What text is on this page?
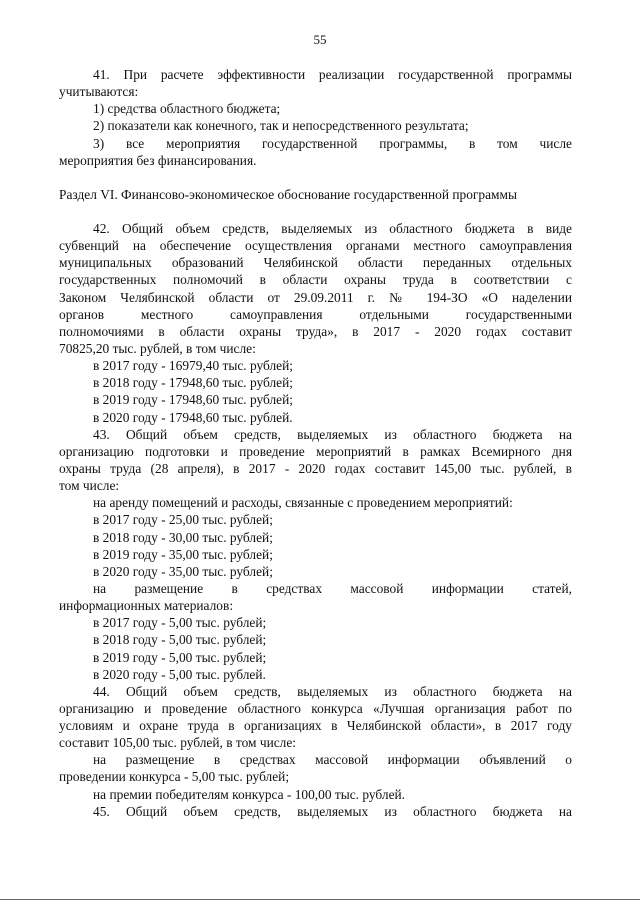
55
41. При расчете эффективности реализации государственной программы
учитываются:
1) средства областного бюджета;
2) показатели как конечного, так и непосредственного результата;
3) все мероприятия государственной программы, в том числе
мероприятия без финансирования.
Раздел VI. Финансово-экономическое обоснование государственной программы
42. Общий объем средств, выделяемых из областного бюджета в виде
субвенций на обеспечение осуществления органами местного самоуправления
муниципальных образований Челябинской области переданных отдельных
государственных полномочий в области охраны труда в соответствии с
Законом Челябинской области от 29.09.2011 г. № 194-ЗО «О наделении
органов местного самоуправления отдельными государственными
полномочиями в области охраны труда», в 2017 - 2020 годах составит
70825,20 тыс. рублей, в том числе:
в 2017 году - 16979,40 тыс. рублей;
в 2018 году - 17948,60 тыс. рублей;
в 2019 году - 17948,60 тыс. рублей;
в 2020 году - 17948,60 тыс. рублей.
43. Общий объем средств, выделяемых из областного бюджета на
организацию подготовки и проведение мероприятий в рамках Всемирного дня
охраны труда (28 апреля), в 2017 - 2020 годах составит 145,00 тыс. рублей, в
том числе:
на аренду помещений и расходы, связанные с проведением мероприятий:
в 2017 году - 25,00 тыс. рублей;
в 2018 году - 30,00 тыс. рублей;
в 2019 году - 35,00 тыс. рублей;
в 2020 году - 35,00 тыс. рублей;
на размещение в средствах массовой информации статей,
информационных материалов:
в 2017 году - 5,00 тыс. рублей;
в 2018 году - 5,00 тыс. рублей;
в 2019 году - 5,00 тыс. рублей;
в 2020 году - 5,00 тыс. рублей.
44. Общий объем средств, выделяемых из областного бюджета на
организацию и проведение областного конкурса «Лучшая организация работ по
условиям и охране труда в организациях в Челябинской области», в 2017 году
составит 105,00 тыс. рублей, в том числе:
на размещение в средствах массовой информации объявлений о
проведении конкурса - 5,00 тыс. рублей;
на премии победителям конкурса - 100,00 тыс. рублей.
45. Общий объем средств, выделяемых из областного бюджета на
